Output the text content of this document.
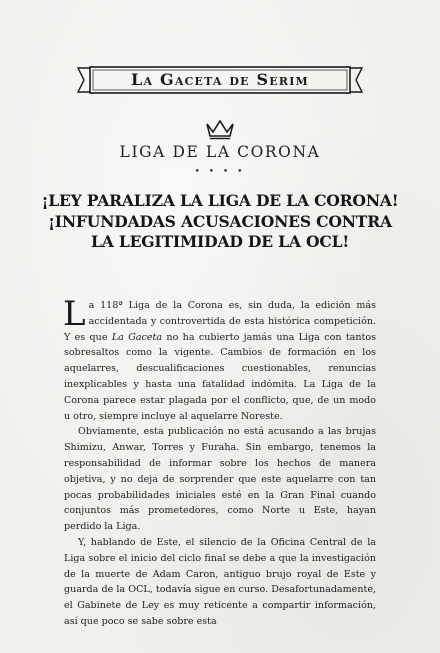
La Gaceta de Serim
LIGA DE LA CORONA
• • • •
¡LEY PARALIZA LA LIGA DE LA CORONA!
¡INFUNDADAS ACUSACIONES CONTRA
LA LEGITIMIDAD DE LA OCL!

La 118ª Liga de la Corona es, sin duda, la edición más accidentada y controvertida de esta histórica competición. Y es que La Gaceta no ha cubierto jamás una Liga con tantos sobresaltos como la vigente. Cambios de formación en los aquelarres, descualificaciones cuestionables, renuncias inexplicables y hasta una fatalidad indómita. La Liga de la Corona parece estar plagada por el conflicto, que, de un modo u otro, siempre incluye al aquelarre Noreste.

Obviamente, esta publicación no está acusando a las brujas Shimizu, Anwar, Torres y Furaha. Sin embargo, tenemos la responsabilidad de informar sobre los hechos de manera objetiva, y no deja de sorprender que este aquelarre con tan pocas probabilidades iniciales esté en la Gran Final cuando conjuntos más prometedores, como Norte u Este, hayan perdido la Liga.

Y, hablando de Este, el silencio de la Oficina Central de la Liga sobre el inicio del ciclo final se debe a que la investigación de la muerte de Adam Caron, antiguo brujo royal de Este y guarda de la OCL, todavía sigue en curso. Desafortunadamente, el Gabinete de Ley es muy reticente a compartir información, así que poco se sabe sobre esta
